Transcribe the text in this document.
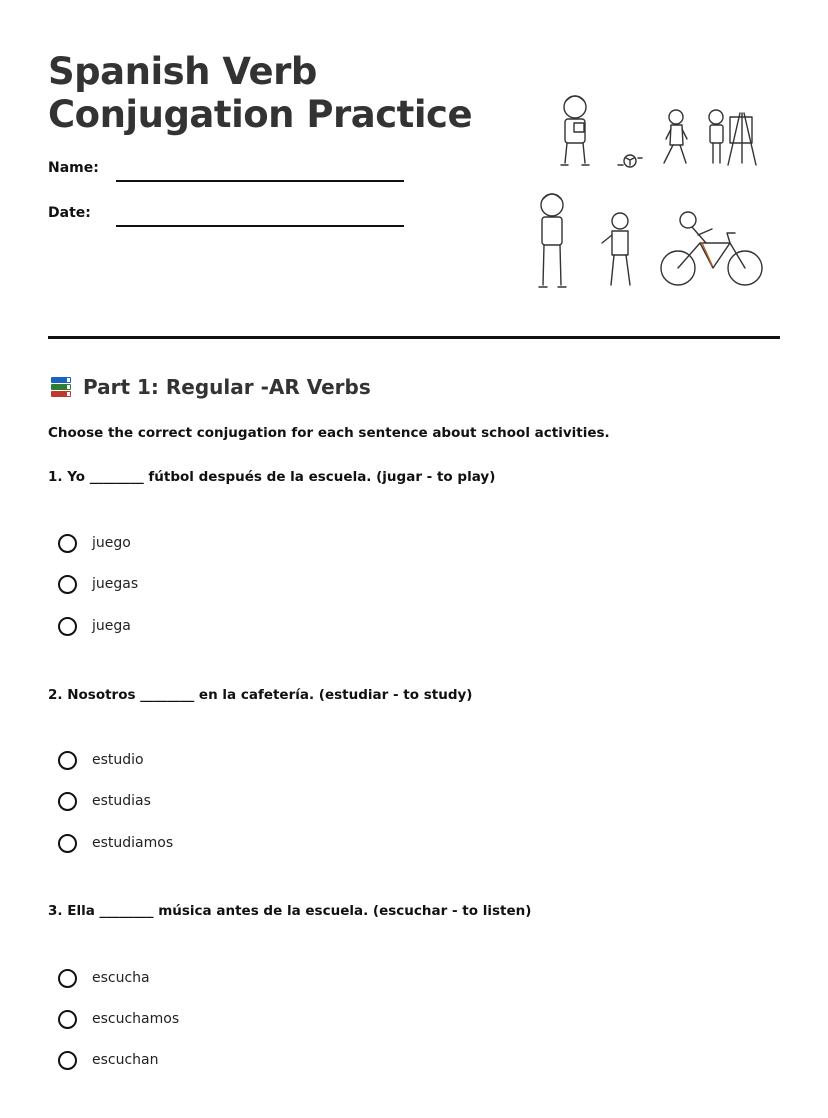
Spanish Verb
Conjugation Practice
Name:
Date:
Part 1: Regular -AR Verbs
Choose the correct conjugation for each sentence about school activities.
1. Yo ________ fútbol después de la escuela. (jugar - to play)
juego
juegas
juega
2. Nosotros ________ en la cafetería. (estudiar - to study)
estudio
estudias
estudiamos
3. Ella ________ música antes de la escuela. (escuchar - to listen)
escucha
escuchamos
escuchan
